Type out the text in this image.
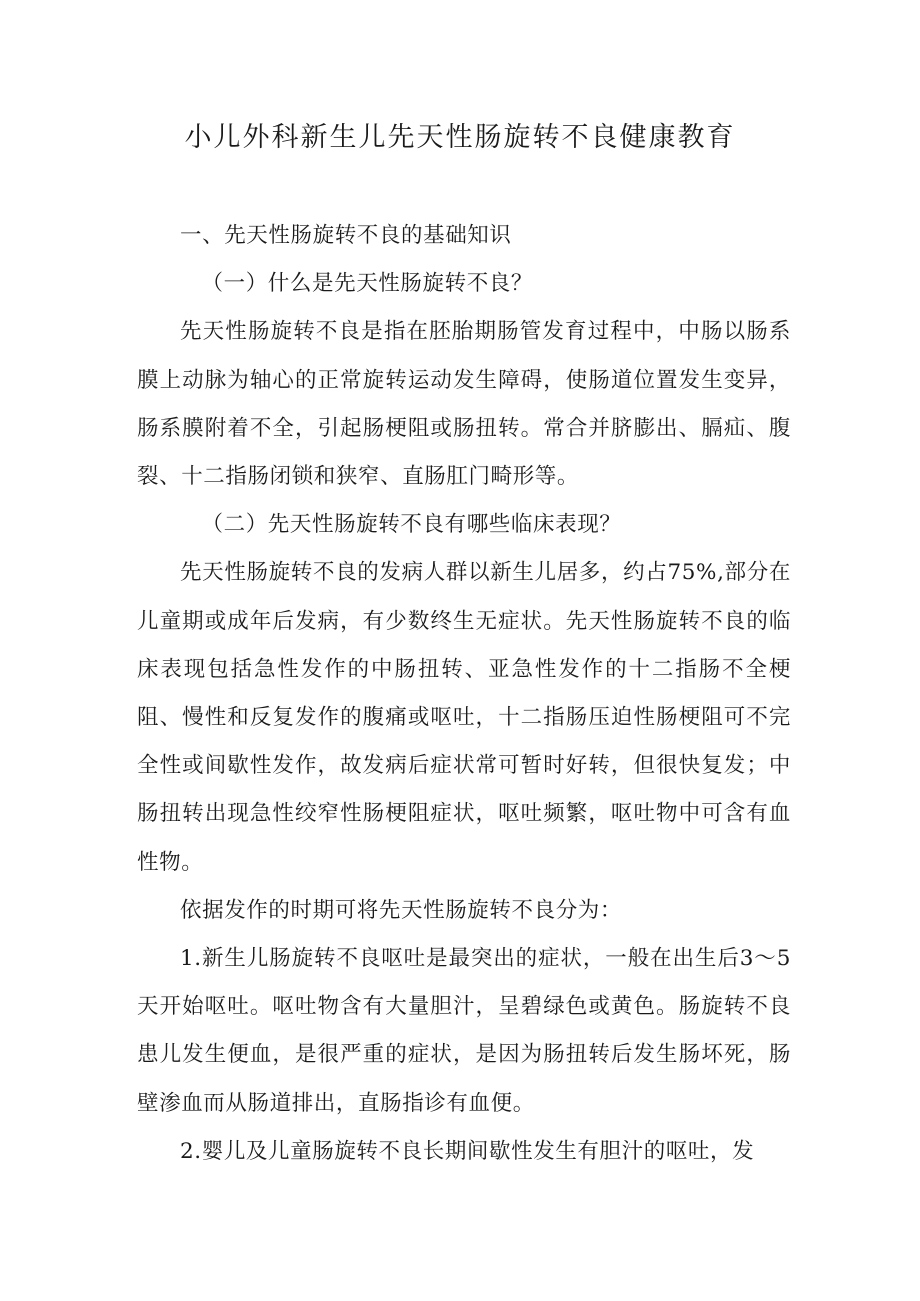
小儿外科新生儿先天性肠旋转不良健康教育

一、先天性肠旋转不良的基础知识

（一）什么是先天性肠旋转不良？

先天性肠旋转不良是指在胚胎期肠管发育过程中，中肠以肠系膜上动脉为轴心的正常旋转运动发生障碍，使肠道位置发生变异，肠系膜附着不全，引起肠梗阻或肠扭转。常合并脐膨出、膈疝、腹裂、十二指肠闭锁和狭窄、直肠肛门畸形等。

（二）先天性肠旋转不良有哪些临床表现？

先天性肠旋转不良的发病人群以新生儿居多，约占75%,部分在儿童期或成年后发病，有少数终生无症状。先天性肠旋转不良的临床表现包括急性发作的中肠扭转、亚急性发作的十二指肠不全梗阻、慢性和反复发作的腹痛或呕吐，十二指肠压迫性肠梗阻可不完全性或间歇性发作，故发病后症状常可暂时好转，但很快复发；中肠扭转出现急性绞窄性肠梗阻症状，呕吐频繁，呕吐物中可含有血性物。

依据发作的时期可将先天性肠旋转不良分为：

1.新生儿肠旋转不良呕吐是最突出的症状，一般在出生后3～5天开始呕吐。呕吐物含有大量胆汁，呈碧绿色或黄色。肠旋转不良患儿发生便血，是很严重的症状，是因为肠扭转后发生肠坏死，肠壁渗血而从肠道排出，直肠指诊有血便。

2.婴儿及儿童肠旋转不良长期间歇性发生有胆汁的呕吐，发
